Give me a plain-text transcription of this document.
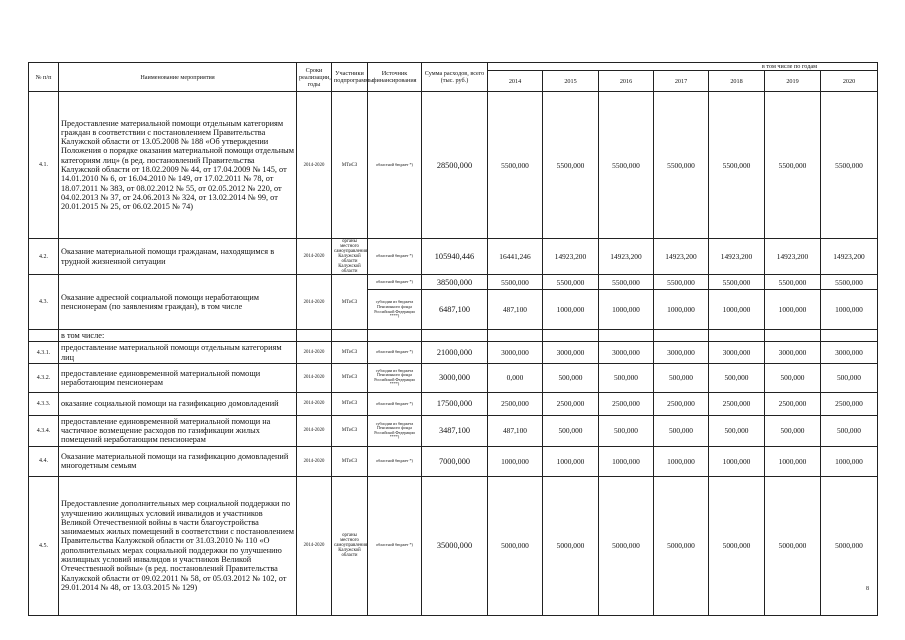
№ п/п	Наименование мероприятия	Сроки реализации, годы	Участники подпрограммы	Источник финансирования	Сумма расходов, всего (тыс. руб.)	в том числе по годам						
						2014	2015	2016	2017	2018	2019	2020
4.1.	Предоставление материальной помощи отдельным категориям граждан в соответствии с постановлением Правительства Калужской области от 13.05.2008 № 188 «Об утверждении Положения о порядке оказания материальной помощи отдельным категориям лиц» (в ред. постановлений Правительства Калужской области от 18.02.2009 № 44, от 17.04.2009 № 145, от 14.01.2010 № 6, от 16.04.2010 № 149, от 17.02.2011 № 78, от 18.07.2011 № 383, от 08.02.2012 № 55, от 02.05.2012 № 220, от 04.02.2013 № 37, от 24.06.2013 № 324, от 13.02.2014 № 99, от 20.01.2015 № 25, от 06.02.2015 № 74)	2014-2020	МТиСЗ	областной бюджет *)	28500,000	5500,000	5500,000	5500,000	5500,000	5500,000	5500,000	5500,000
4.2.	Оказание материальной помощи гражданам, находящимся в трудной жизненной ситуации	2014-2020	органы местного самоуправления Калужской области Калужской области	областной бюджет *)	105940,446	16441,246	14923,200	14923,200	14923,200	14923,200	14923,200	14923,200
4.3.	Оказание адресной социальной помощи неработающим пенсионерам (по заявлениям граждан), в том числе	2014-2020	МТиСЗ	областной бюджет *)	38500,000	5500,000	5500,000	5500,000	5500,000	5500,000	5500,000	5500,000
				субсидии из бюджета Пенсионного фонда Российской Федерации ****)	6487,100	487,100	1000,000	1000,000	1000,000	1000,000	1000,000	1000,000
	в том числе:											
4.3.1.	предоставление материальной помощи отдельным категориям лиц	2014-2020	МТиСЗ	областной бюджет *)	21000,000	3000,000	3000,000	3000,000	3000,000	3000,000	3000,000	3000,000
4.3.2.	предоставление единовременной материальной помощи неработающим пенсионерам	2014-2020	МТиСЗ	субсидии из бюджета Пенсионного фонда Российской Федерации ****)	3000,000	0,000	500,000	500,000	500,000	500,000	500,000	500,000
4.3.3.	оказание социальной помощи на газификацию домовладений	2014-2020	МТиСЗ	областной бюджет *)	17500,000	2500,000	2500,000	2500,000	2500,000	2500,000	2500,000	2500,000
4.3.4.	предоставление единовременной материальной помощи на частичное возмещение расходов по газификации жилых помещений неработающим пенсионерам	2014-2020	МТиСЗ	субсидии из бюджета Пенсионного фонда Российской Федерации ****)	3487,100	487,100	500,000	500,000	500,000	500,000	500,000	500,000
4.4.	Оказание материальной помощи на газификацию домовладений многодетным семьям	2014-2020	МТиСЗ	областной бюджет *)	7000,000	1000,000	1000,000	1000,000	1000,000	1000,000	1000,000	1000,000
4.5.	Предоставление дополнительных мер социальной поддержки по улучшению жилищных условий инвалидов и участников Великой Отечественной войны в части благоустройства занимаемых жилых помещений в соответствии с постановлением Правительства Калужской области от 31.03.2010 № 110 «О дополнительных мерах социальной поддержки по улучшению жилищных условий инвалидов и участников Великой Отечественной войны» (в ред. постановлений Правительства Калужской области от 09.02.2011 № 58, от 05.03.2012 № 102, от 29.01.2014 № 48, от 13.03.2015 № 129)	2014-2020	органы местного самоуправления Калужской области	областной бюджет *)	35000,000	5000,000	5000,000	5000,000	5000,000	5000,000	5000,000	5000,000
8
